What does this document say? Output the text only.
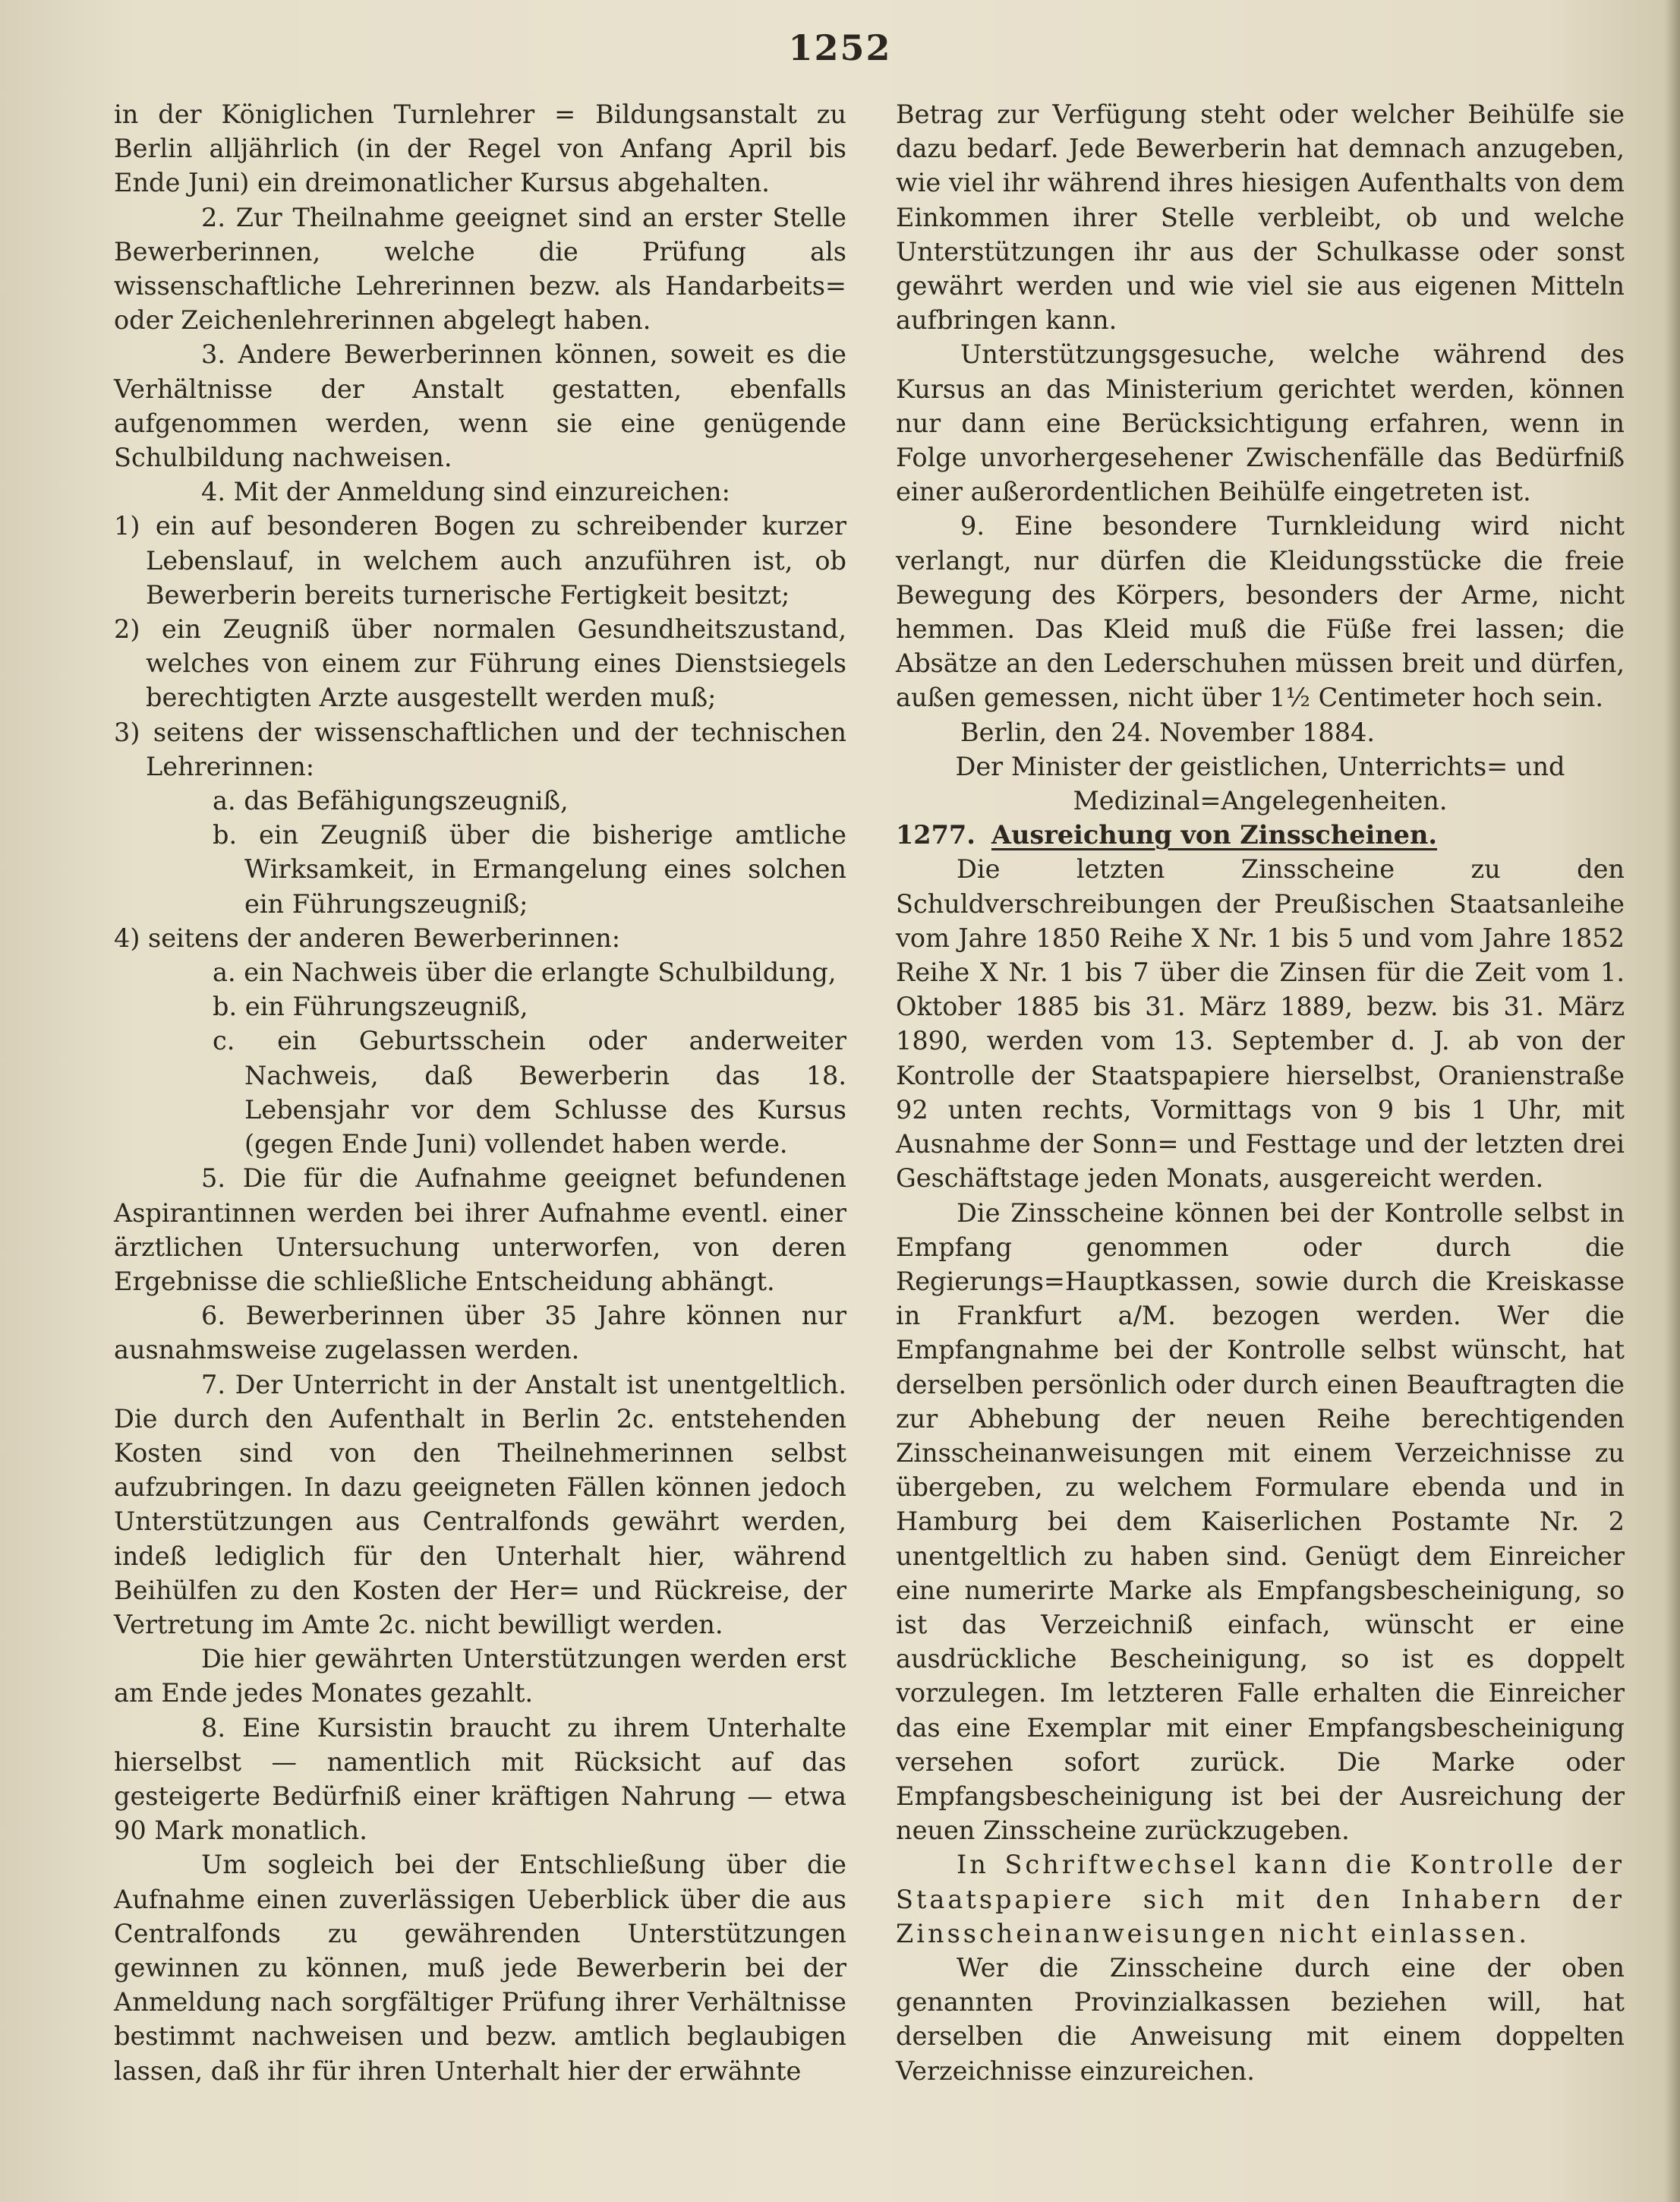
1252

in der Königlichen Turnlehrer = Bildungsanstalt zu Berlin alljährlich (in der Regel von Anfang April bis Ende Juni) ein dreimonatlicher Kursus abgehalten.

2. Zur Theilnahme geeignet sind an erster Stelle Bewerberinnen, welche die Prüfung als wissenschaftliche Lehrerinnen bezw. als Handarbeits= oder Zeichenlehrerinnen abgelegt haben.

3. Andere Bewerberinnen können, soweit es die Verhältnisse der Anstalt gestatten, ebenfalls aufgenommen werden, wenn sie eine genügende Schulbildung nachweisen.

4. Mit der Anmeldung sind einzureichen:

1) ein auf besonderen Bogen zu schreibender kurzer Lebenslauf, in welchem auch anzuführen ist, ob Bewerberin bereits turnerische Fertigkeit besitzt;

2) ein Zeugniß über normalen Gesundheitszustand, welches von einem zur Führung eines Dienstsiegels berechtigten Arzte ausgestellt werden muß;

3) seitens der wissenschaftlichen und der technischen Lehrerinnen:

a. das Befähigungszeugniß,

b. ein Zeugniß über die bisherige amtliche Wirksamkeit, in Ermangelung eines solchen ein Führungszeugniß;

4) seitens der anderen Bewerberinnen:

a. ein Nachweis über die erlangte Schulbildung,

b. ein Führungszeugniß,

c. ein Geburtsschein oder anderweiter Nachweis, daß Bewerberin das 18. Lebensjahr vor dem Schlusse des Kursus (gegen Ende Juni) vollendet haben werde.

5. Die für die Aufnahme geeignet befundenen Aspirantinnen werden bei ihrer Aufnahme eventl. einer ärztlichen Untersuchung unterworfen, von deren Ergebnisse die schließliche Entscheidung abhängt.

6. Bewerberinnen über 35 Jahre können nur ausnahmsweise zugelassen werden.

7. Der Unterricht in der Anstalt ist unentgeltlich. Die durch den Aufenthalt in Berlin 2c. entstehenden Kosten sind von den Theilnehmerinnen selbst aufzubringen. In dazu geeigneten Fällen können jedoch Unterstützungen aus Centralfonds gewährt werden, indeß lediglich für den Unterhalt hier, während Beihülfen zu den Kosten der Her= und Rückreise, der Vertretung im Amte 2c. nicht bewilligt werden.

Die hier gewährten Unterstützungen werden erst am Ende jedes Monates gezahlt.

8. Eine Kursistin braucht zu ihrem Unterhalte hierselbst — namentlich mit Rücksicht auf das gesteigerte Bedürfniß einer kräftigen Nahrung — etwa 90 Mark monatlich.

Um sogleich bei der Entschließung über die Aufnahme einen zuverlässigen Ueberblick über die aus Centralfonds zu gewährenden Unterstützungen gewinnen zu können, muß jede Bewerberin bei der Anmeldung nach sorgfältiger Prüfung ihrer Verhältnisse bestimmt nachweisen und bezw. amtlich beglaubigen lassen, daß ihr für ihren Unterhalt hier der erwähnte

Betrag zur Verfügung steht oder welcher Beihülfe sie dazu bedarf. Jede Bewerberin hat demnach anzugeben, wie viel ihr während ihres hiesigen Aufenthalts von dem Einkommen ihrer Stelle verbleibt, ob und welche Unterstützungen ihr aus der Schulkasse oder sonst gewährt werden und wie viel sie aus eigenen Mitteln aufbringen kann.

Unterstützungsgesuche, welche während des Kursus an das Ministerium gerichtet werden, können nur dann eine Berücksichtigung erfahren, wenn in Folge unvorhergesehener Zwischenfälle das Bedürfniß einer außerordentlichen Beihülfe eingetreten ist.

9. Eine besondere Turnkleidung wird nicht verlangt, nur dürfen die Kleidungsstücke die freie Bewegung des Körpers, besonders der Arme, nicht hemmen. Das Kleid muß die Füße frei lassen; die Absätze an den Lederschuhen müssen breit und dürfen, außen gemessen, nicht über 1½ Centimeter hoch sein.

Berlin, den 24. November 1884.

Der Minister der geistlichen, Unterrichts= und Medizinal=Angelegenheiten.

1277. Ausreichung von Zinsscheinen.

Die letzten Zinsscheine zu den Schuldverschreibungen der Preußischen Staatsanleihe vom Jahre 1850 Reihe X Nr. 1 bis 5 und vom Jahre 1852 Reihe X Nr. 1 bis 7 über die Zinsen für die Zeit vom 1. Oktober 1885 bis 31. März 1889, bezw. bis 31. März 1890, werden vom 13. September d. J. ab von der Kontrolle der Staatspapiere hierselbst, Oranienstraße 92 unten rechts, Vormittags von 9 bis 1 Uhr, mit Ausnahme der Sonn= und Festtage und der letzten drei Geschäftstage jeden Monats, ausgereicht werden.

Die Zinsscheine können bei der Kontrolle selbst in Empfang genommen oder durch die Regierungs=Hauptkassen, sowie durch die Kreiskasse in Frankfurt a/M. bezogen werden. Wer die Empfangnahme bei der Kontrolle selbst wünscht, hat derselben persönlich oder durch einen Beauftragten die zur Abhebung der neuen Reihe berechtigenden Zinsscheinanweisungen mit einem Verzeichnisse zu übergeben, zu welchem Formulare ebenda und in Hamburg bei dem Kaiserlichen Postamte Nr. 2 unentgeltlich zu haben sind. Genügt dem Einreicher eine numerirte Marke als Empfangsbescheinigung, so ist das Verzeichniß einfach, wünscht er eine ausdrückliche Bescheinigung, so ist es doppelt vorzulegen. Im letzteren Falle erhalten die Einreicher das eine Exemplar mit einer Empfangsbescheinigung versehen sofort zurück. Die Marke oder Empfangsbescheinigung ist bei der Ausreichung der neuen Zinsscheine zurückzugeben.

In Schriftwechsel kann die Kontrolle der Staatspapiere sich mit den Inhabern der Zinsscheinanweisungen nicht einlassen.

Wer die Zinsscheine durch eine der oben genannten Provinzialkassen beziehen will, hat derselben die Anweisung mit einem doppelten Verzeichnisse einzureichen.
